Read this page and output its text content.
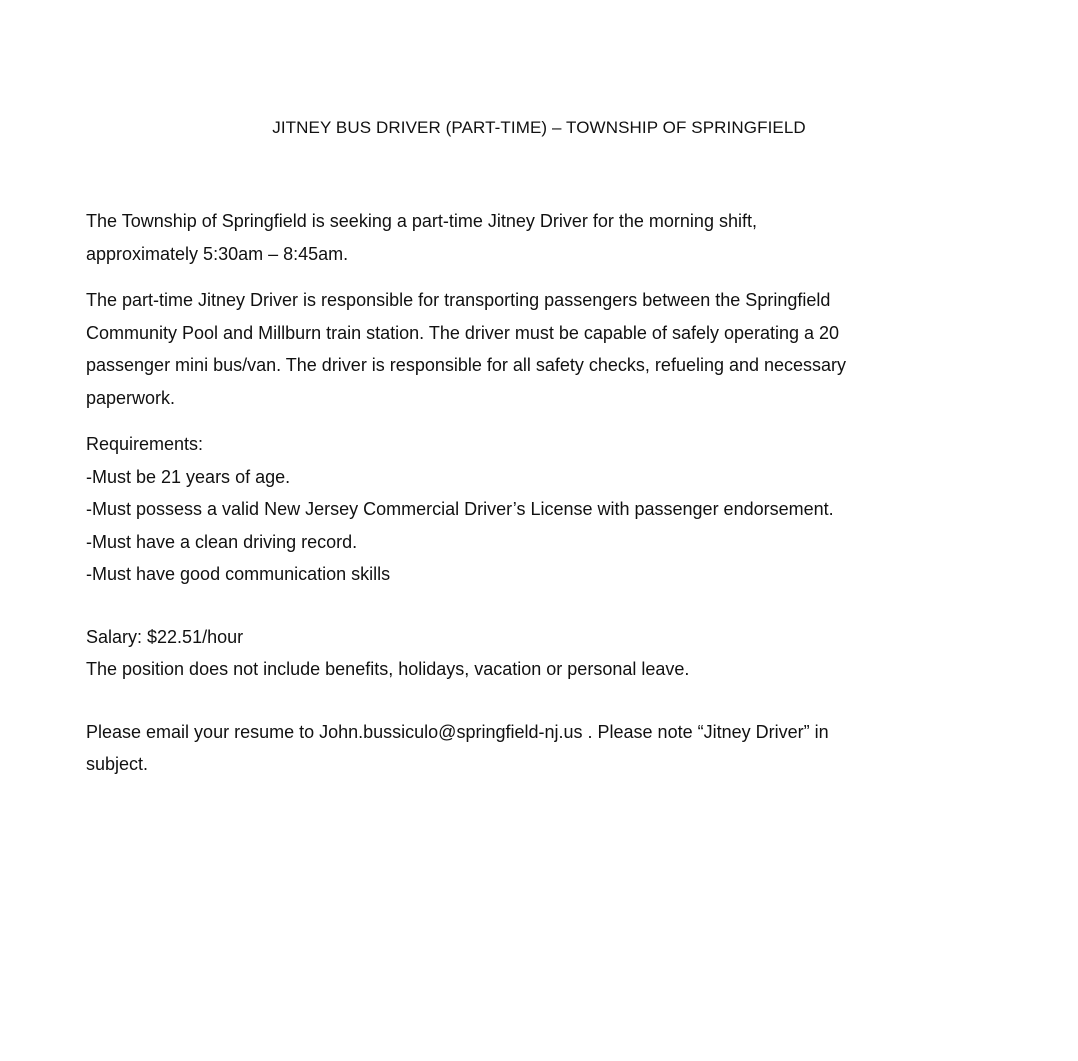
JITNEY BUS DRIVER (PART-TIME) – TOWNSHIP OF SPRINGFIELD
The Township of Springfield is seeking a part-time Jitney Driver for the morning shift,
approximately 5:30am – 8:45am.
The part-time Jitney Driver is responsible for transporting passengers between the Springfield
Community Pool and Millburn train station. The driver must be capable of safely operating a 20
passenger mini bus/van. The driver is responsible for all safety checks, refueling and necessary
paperwork.
Requirements:
-Must be 21 years of age.
-Must possess a valid New Jersey Commercial Driver’s License with passenger endorsement.
-Must have a clean driving record.
-Must have good communication skills
Salary: $22.51/hour
The position does not include benefits, holidays, vacation or personal leave.
Please email your resume to John.bussiculo@springfield-nj.us . Please note “Jitney Driver” in
subject.
